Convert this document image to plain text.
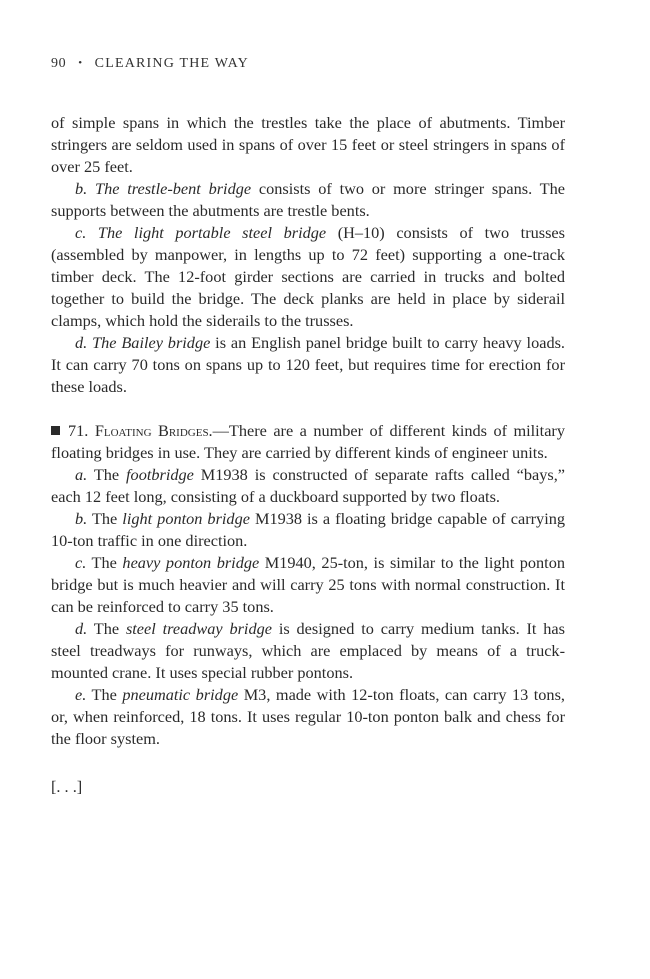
90 • CLEARING THE WAY

of simple spans in which the trestles take the place of abutments. Timber stringers are seldom used in spans of over 15 feet or steel stringers in spans of over 25 feet.

b. The trestle-bent bridge consists of two or more stringer spans. The supports between the abutments are trestle bents.

c. The light portable steel bridge (H–10) consists of two trusses (assembled by manpower, in lengths up to 72 feet) supporting a one-track timber deck. The 12-foot girder sections are carried in trucks and bolted together to build the bridge. The deck planks are held in place by siderail clamps, which hold the siderails to the trusses.

d. The Bailey bridge is an English panel bridge built to carry heavy loads. It can carry 70 tons on spans up to 120 feet, but requires time for erection for these loads.

71. Floating Bridges.—There are a number of different kinds of military floating bridges in use. They are carried by different kinds of engineer units.

a. The footbridge M1938 is constructed of separate rafts called “bays,” each 12 feet long, consisting of a duckboard supported by two floats.

b. The light ponton bridge M1938 is a floating bridge capable of carrying 10-ton traffic in one direction.

c. The heavy ponton bridge M1940, 25-ton, is similar to the light ponton bridge but is much heavier and will carry 25 tons with normal construction. It can be reinforced to carry 35 tons.

d. The steel treadway bridge is designed to carry medium tanks. It has steel treadways for runways, which are emplaced by means of a truck-mounted crane. It uses special rubber pontons.

e. The pneumatic bridge M3, made with 12-ton floats, can carry 13 tons, or, when reinforced, 18 tons. It uses regular 10-ton ponton balk and chess for the floor system.

[. . .]
